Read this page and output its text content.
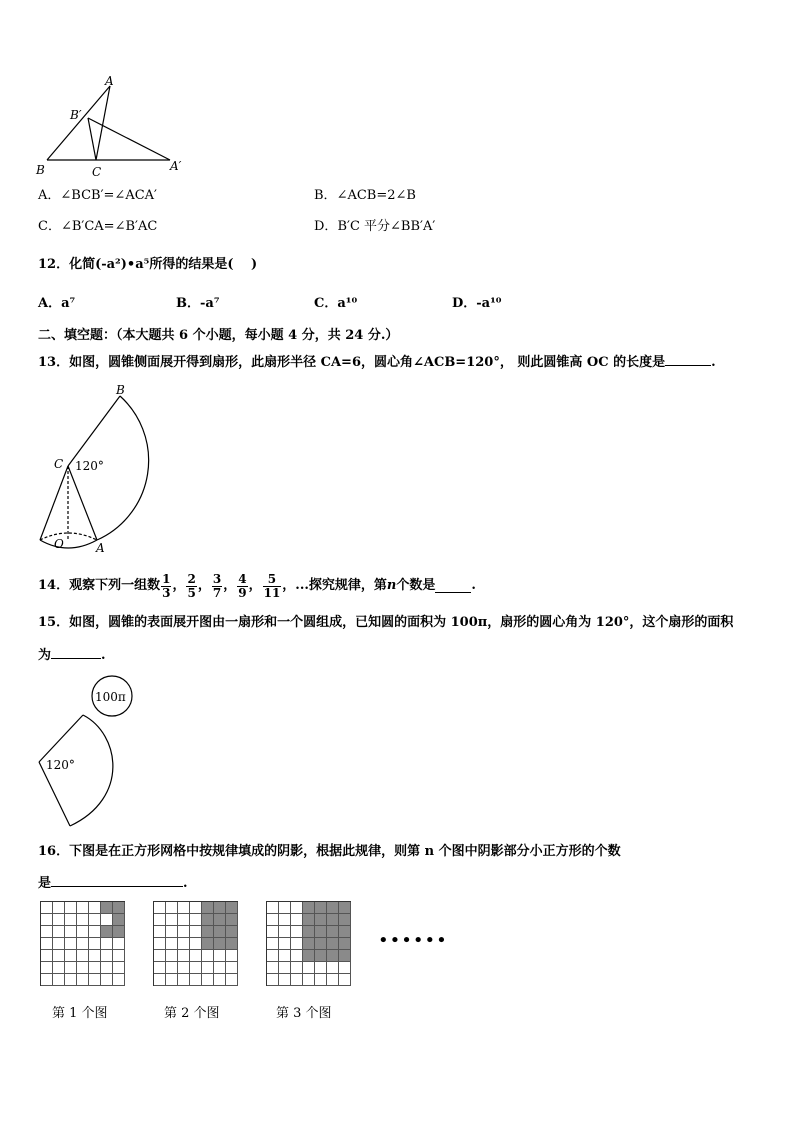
A
B′
B	C	A′
A．∠BCB′=∠ACA′	B．∠ACB=2∠B
C．∠B′CA=∠B′AC	D．B′C 平分∠BB′A′
12．化简(-a²)•a⁵所得的结果是(　 )
A．a⁷	B．-a⁷	C．a¹⁰	D．-a¹⁰
二、填空题：（本大题共 6 个小题，每小题 4 分，共 24 分.）
13．如图，圆锥侧面展开得到扇形，此扇形半径 CA=6，圆心角∠ACB=120°， 则此圆锥高 OC 的长度是	.
B
C 120°
O	A
14．观察下列一组数 $\frac{1}{3}$ ， $\frac{2}{5}$ ， $\frac{3}{7}$ ， $\frac{4}{9}$ ， $\frac{5}{11}$ ，...探究规律，第 n 个数是	.
15．如图，圆锥的表面展开图由一扇形和一个圆组成，已知圆的面积为 100π，扇形的圆心角为 120°，这个扇形的面积
为	.
100π
120°
16．下图是在正方形网格中按规律填成的阴影，根据此规律，则第 n 个图中阴影部分小正方形的个数
是	.
••••••
第 1 个图	第 2 个图	第 3 个图
